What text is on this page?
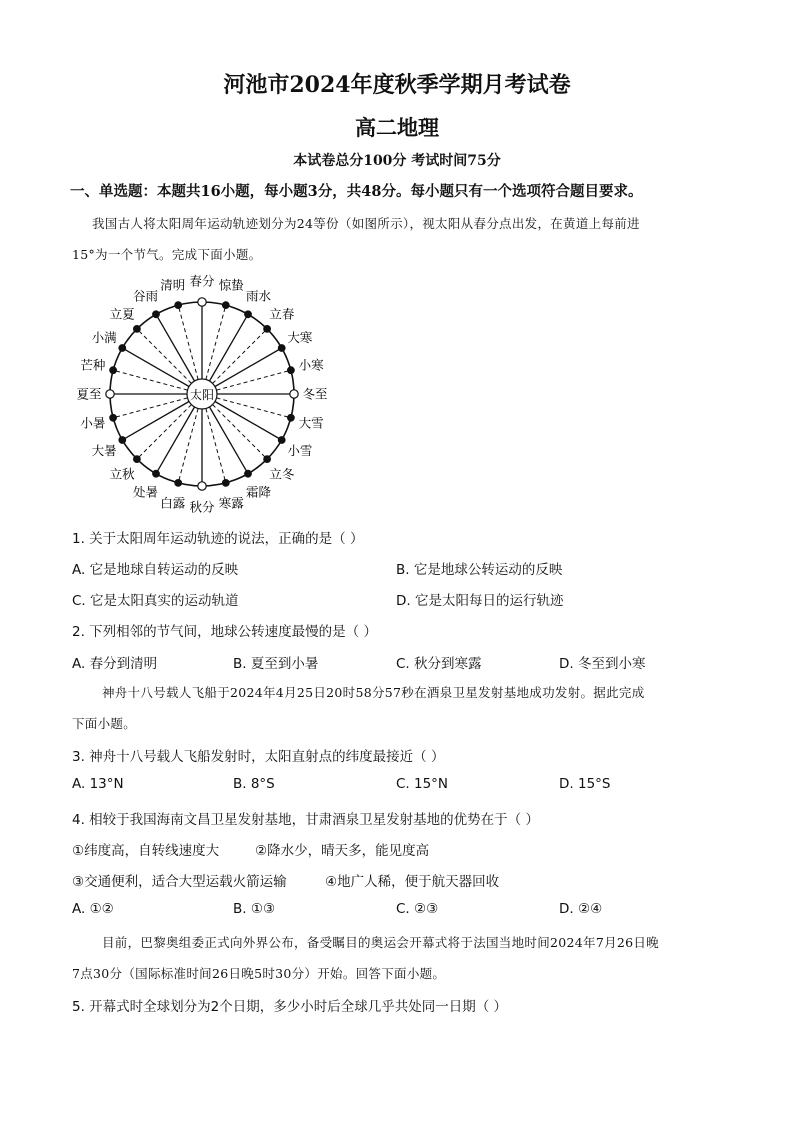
河池市2024年度秋季学期月考试卷
高二地理
本试卷总分100分 考试时间75分
一、单选题：本题共16小题，每小题3分，共48分。每小题只有一个选项符合题目要求。
我国古人将太阳周年运动轨迹划分为24等份（如图所示），视太阳从春分点出发，在黄道上每前进
15°为一个节气。完成下面小题。
太阳
春分 惊蛰
雨水
立春
大寒
小寒
冬至
大雪
小雪
立冬
霜降
寒露
秋分
白露
处暑
立秋
大暑
小暑
夏至
芒种
小满
立夏
谷雨
清明
1. 关于太阳周年运动轨迹的说法，正确的是（ ）
A. 它是地球自转运动的反映	B. 它是地球公转运动的反映
C. 它是太阳真实的运动轨道	D. 它是太阳每日的运行轨迹
2. 下列相邻的节气间，地球公转速度最慢的是（ ）
A. 春分到清明	B. 夏至到小暑	C. 秋分到寒露	D. 冬至到小寒
神舟十八号载人飞船于2024年4月25日20时58分57秒在酒泉卫星发射基地成功发射。据此完成
下面小题。
3. 神舟十八号载人飞船发射时，太阳直射点的纬度最接近（ ）
A. 13°N	B. 8°S	C. 15°N	D. 15°S
4. 相较于我国海南文昌卫星发射基地，甘肃酒泉卫星发射基地的优势在于（ ）
①纬度高，自转线速度大	②降水少，晴天多，能见度高
③交通便利，适合大型运载火箭运输	④地广人稀，便于航天器回收
A. ①②	B. ①③	C. ②③	D. ②④
目前，巴黎奥组委正式向外界公布，备受瞩目的奥运会开幕式将于法国当地时间2024年7月26日晚
7点30分（国际标准时间26日晚5时30分）开始。回答下面小题。
5. 开幕式时全球划分为2个日期，多少小时后全球几乎共处同一日期（ ）
